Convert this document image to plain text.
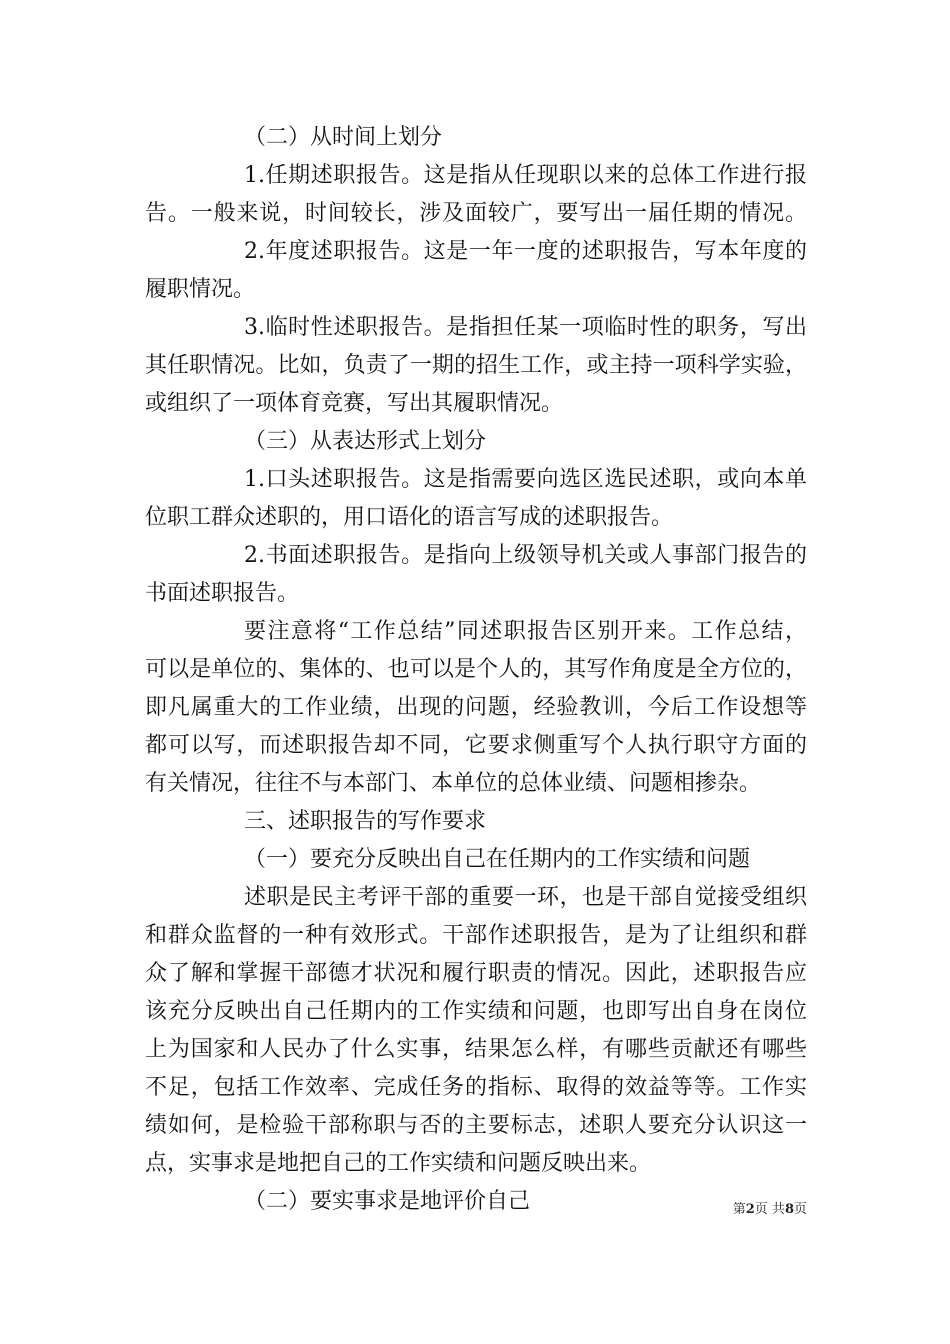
（二）从时间上划分
1.任期述职报告。这是指从任现职以来的总体工作进行报
告。一般来说，时间较长，涉及面较广，要写出一届任期的情况。
2.年度述职报告。这是一年一度的述职报告，写本年度的
履职情况。
3.临时性述职报告。是指担任某一项临时性的职务，写出
其任职情况。比如，负责了一期的招生工作，或主持一项科学实验，
或组织了一项体育竞赛，写出其履职情况。
（三）从表达形式上划分
1.口头述职报告。这是指需要向选区选民述职，或向本单
位职工群众述职的，用口语化的语言写成的述职报告。
2.书面述职报告。是指向上级领导机关或人事部门报告的
书面述职报告。
要注意将“工作总结”同述职报告区别开来。工作总结，
可以是单位的、集体的、也可以是个人的，其写作角度是全方位的，
即凡属重大的工作业绩，出现的问题，经验教训，今后工作设想等
都可以写，而述职报告却不同，它要求侧重写个人执行职守方面的
有关情况，往往不与本部门、本单位的总体业绩、问题相掺杂。
三、述职报告的写作要求
（一）要充分反映出自己在任期内的工作实绩和问题
述职是民主考评干部的重要一环，也是干部自觉接受组织
和群众监督的一种有效形式。干部作述职报告，是为了让组织和群
众了解和掌握干部德才状况和履行职责的情况。因此，述职报告应
该充分反映出自己任期内的工作实绩和问题，也即写出自身在岗位
上为国家和人民办了什么实事，结果怎么样，有哪些贡献还有哪些
不足，包括工作效率、完成任务的指标、取得的效益等等。工作实
绩如何，是检验干部称职与否的主要标志，述职人要充分认识这一
点，实事求是地把自己的工作实绩和问题反映出来。
（二）要实事求是地评价自己	第2页 共8页
